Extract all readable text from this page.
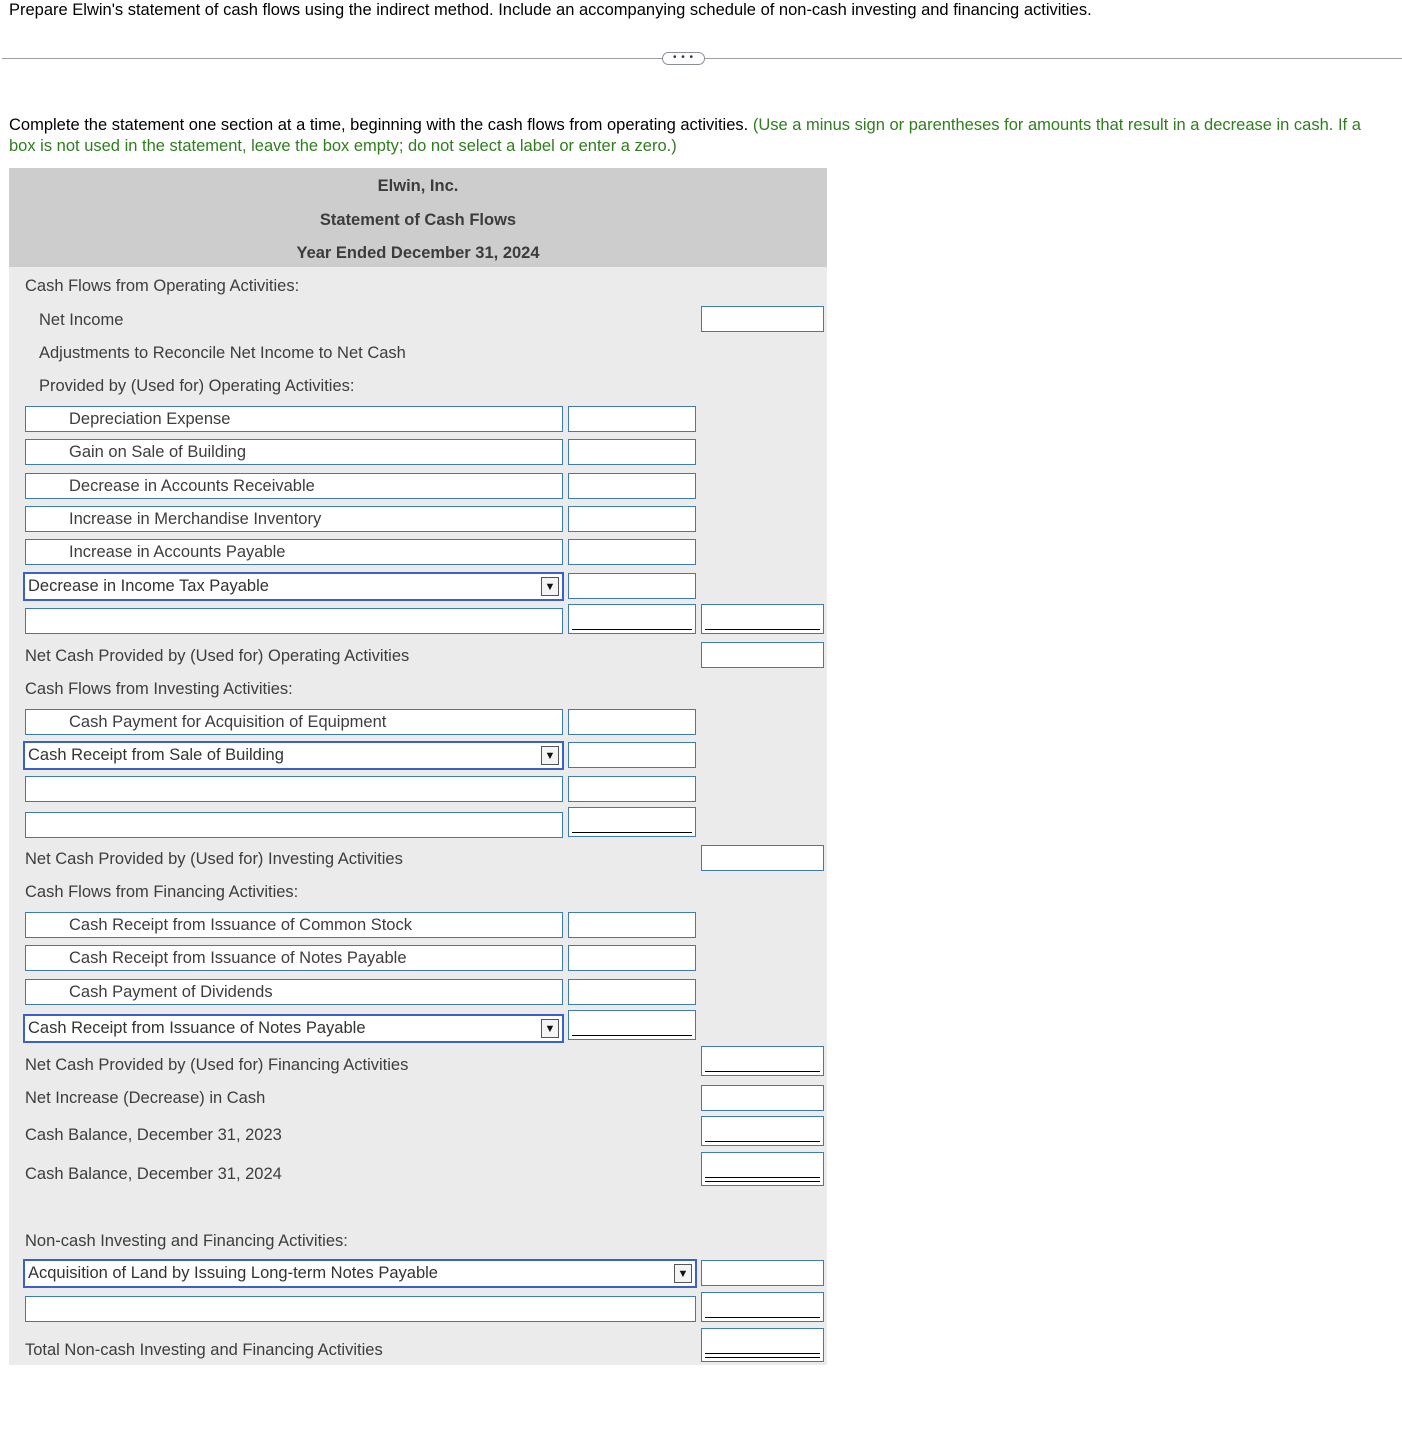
Prepare Elwin's statement of cash flows using the indirect method. Include an accompanying schedule of non-cash investing and financing activities.
• • •
Complete the statement one section at a time, beginning with the cash flows from operating activities. (Use a minus sign or parentheses for amounts that result in a decrease in cash. If a box is not used in the statement, leave the box empty; do not select a label or enter a zero.)
Elwin, Inc.
Statement of Cash Flows
Year Ended December 31, 2024
Cash Flows from Operating Activities:
Net Income
Adjustments to Reconcile Net Income to Net Cash
Provided by (Used for) Operating Activities:
Depreciation Expense
Gain on Sale of Building
Decrease in Accounts Receivable
Increase in Merchandise Inventory
Increase in Accounts Payable
Decrease in Income Tax Payable	▼
Net Cash Provided by (Used for) Operating Activities
Cash Flows from Investing Activities:
Cash Payment for Acquisition of Equipment
Cash Receipt from Sale of Building	▼
Net Cash Provided by (Used for) Investing Activities
Cash Flows from Financing Activities:
Cash Receipt from Issuance of Common Stock
Cash Receipt from Issuance of Notes Payable
Cash Payment of Dividends
Cash Receipt from Issuance of Notes Payable	▼
Net Cash Provided by (Used for) Financing Activities
Net Increase (Decrease) in Cash
Cash Balance, December 31, 2023
Cash Balance, December 31, 2024
Non-cash Investing and Financing Activities:
Acquisition of Land by Issuing Long-term Notes Payable	▼
Total Non-cash Investing and Financing Activities
